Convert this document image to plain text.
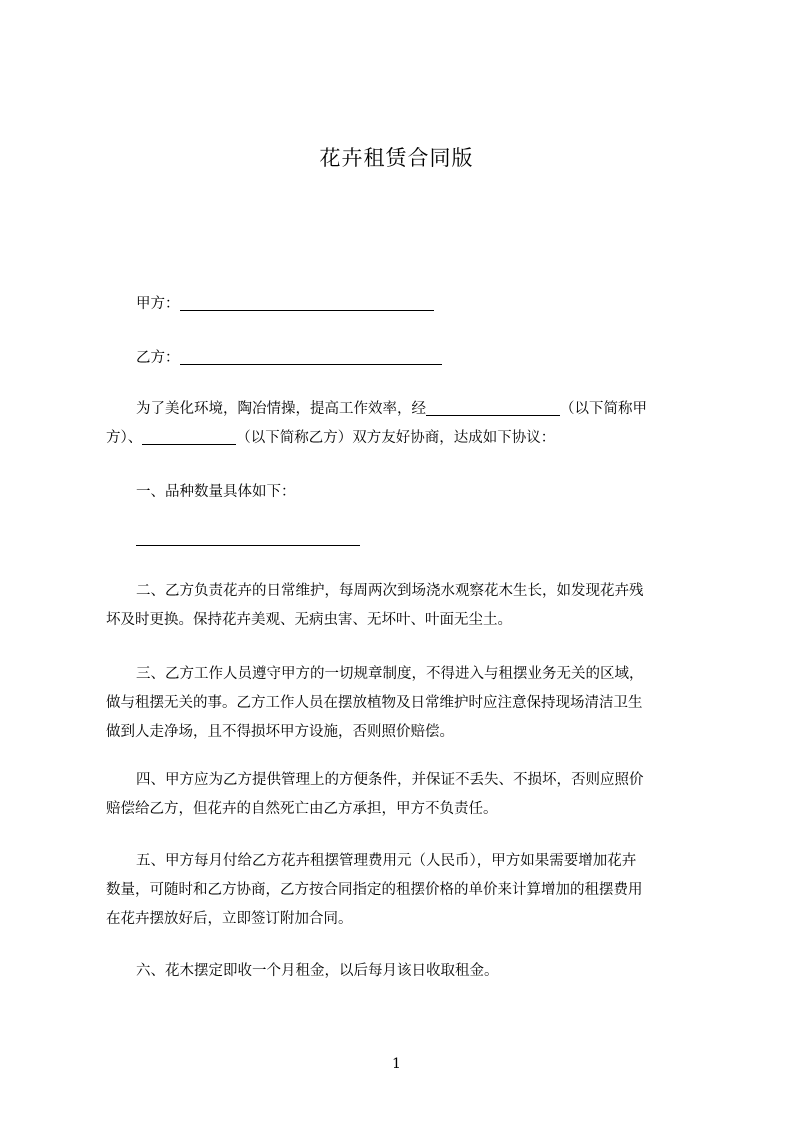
花卉租赁合同版
甲方：
乙方：
为了美化环境，陶冶情操，提高工作效率，经	（以下简称甲
方）、	（以下简称乙方）双方友好协商，达成如下协议：
一、品种数量具体如下：
二、乙方负责花卉的日常维护，每周两次到场浇水观察花木生长，如发现花卉残
坏及时更换。保持花卉美观、无病虫害、无坏叶、叶面无尘土。
三、乙方工作人员遵守甲方的一切规章制度，不得进入与租摆业务无关的区域，
做与租摆无关的事。乙方工作人员在摆放植物及日常维护时应注意保持现场清洁卫生
做到人走净场，且不得损坏甲方设施，否则照价赔偿。
四、甲方应为乙方提供管理上的方便条件，并保证不丢失、不损坏，否则应照价
赔偿给乙方，但花卉的自然死亡由乙方承担，甲方不负责任。
五、甲方每月付给乙方花卉租摆管理费用元（人民币），甲方如果需要增加花卉
数量，可随时和乙方协商，乙方按合同指定的租摆价格的单价来计算增加的租摆费用
在花卉摆放好后，立即签订附加合同。
六、花木摆定即收一个月租金，以后每月该日收取租金。
1
